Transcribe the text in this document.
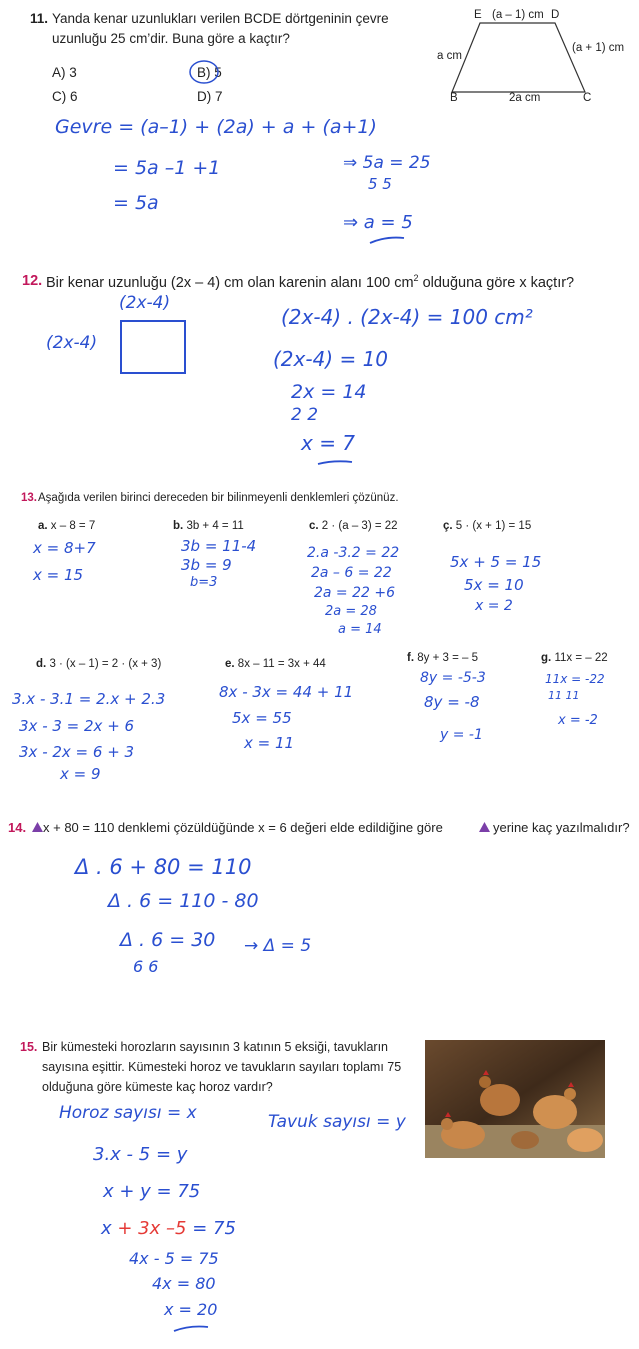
11. Yanda kenar uzunlukları verilen BCDE dörtgeninin çevre
uzunluğu 25 cm’dir. Buna göre a kaçtır?
A) 3	B) 5
C) 6	D) 7
E (a – 1) cm D
a cm
(a + 1) cm
B	2a cm	C
Gevre = (a–1) + (2a) + a + (a+1)
= 5a –1 +1
= 5a
⇒ 5a = 25
5 5
⇒ a = 5
12. Bir kenar uzunluğu (2x – 4) cm olan karenin alanı 100 $cm^2$ olduğuna göre x kaçtır?
(2x-4)
(2x-4)
(2x-4) . (2x-4) = 100 cm²
(2x-4) = 10
2x = 14
2 2
x = 7
13. Aşağıda verilen birinci dereceden bir bilinmeyenli denklemleri çözünüz.
a. x – 8 = 7
x = 8+7
x = 15
b. 3b + 4 = 11
3b = 11-4
3b = 9
b=3
c. 2 · (a – 3) = 22
2.a -3.2 = 22
2a – 6 = 22
2a = 22 +6
2a = 28
a = 14
ç. 5 · (x + 1) = 15
5x + 5 = 15
5x = 10
x = 2
d. 3 · (x – 1) = 2 · (x + 3)
3.x - 3.1 = 2.x + 2.3
3x - 3 = 2x + 6
3x - 2x = 6 + 3
x = 9
e. 8x – 11 = 3x + 44
8x - 3x = 44 + 11
5x = 55
x = 11
f. 8y + 3 = – 5
8y = -5-3
8y = -8
y = -1
g. 11x = – 22
11x = -22
11 11
x = -2
14. x + 80 = 110 denklemi çözüldüğünde x = 6 değeri elde edildiğine göre	yerine kaç yazılmalıdır?
Δ . 6 + 80 = 110
Δ . 6 = 110 - 80
Δ . 6 = 30
6 6
→ Δ = 5
15. Bir kümesteki horozların sayısının 3 katının 5 eksiği, tavukların
sayısına eşittir. Kümesteki horoz ve tavukların sayıları toplamı 75
olduğuna göre kümeste kaç horoz vardır?
Horoz sayısı = x	Tavuk sayısı = y
3.x - 5 = y
x + y = 75
x + 3x –5 = 75
4x - 5 = 75
4x = 80
x = 20
